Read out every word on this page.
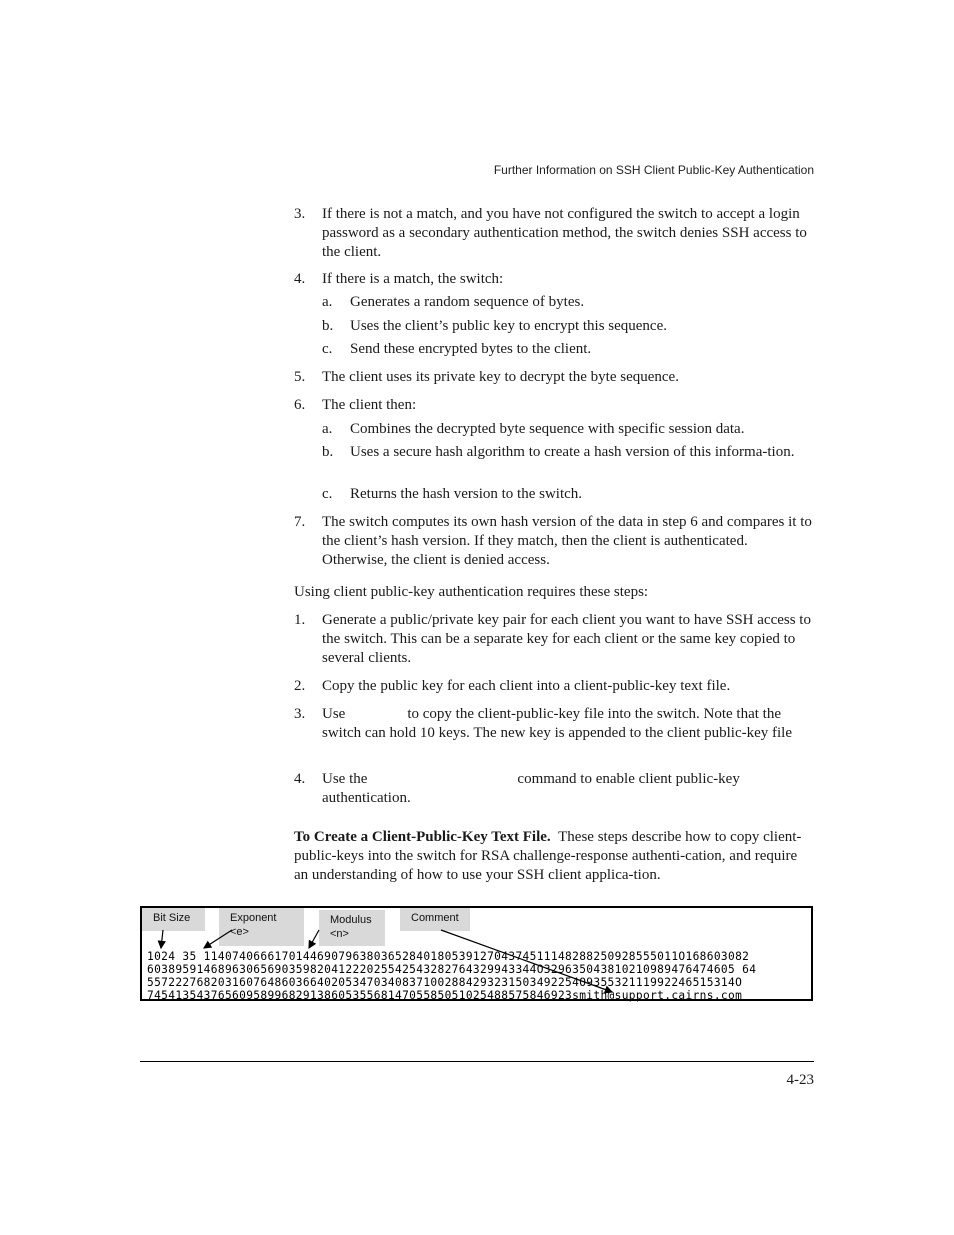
Further Information on SSH Client Public-Key Authentication
3. If there is not a match, and you have not configured the switch to accept a login password as a secondary authentication method, the switch denies SSH access to the client.
4. If there is a match, the switch:
a. Generates a random sequence of bytes.
b. Uses the client’s public key to encrypt this sequence.
c. Send these encrypted bytes to the client.
5. The client uses its private key to decrypt the byte sequence.
6. The client then:
a. Combines the decrypted byte sequence with specific session data.
b. Uses a secure hash algorithm to create a hash version of this informa-tion.
c. Returns the hash version to the switch.
7. The switch computes its own hash version of the data in step 6 and compares it to the client’s hash version. If they match, then the client is authenticated. Otherwise, the client is denied access.
Using client public-key authentication requires these steps:
1. Generate a public/private key pair for each client you want to have SSH access to the switch. This can be a separate key for each client or the same key copied to several clients.
2. Copy the public key for each client into a client-public-key text file.
3. Use	to copy the client-public-key file into the switch. Note that the switch can hold 10 keys. The new key is appended to the client public-key file
4. Use the	command to enable client public-key authentication.
To Create a Client-Public-Key Text File. These steps describe how to copy client-public-keys into the switch for RSA challenge-response authenti-cation, and require an understanding of how to use your SSH client applica-tion.
Bit Size	Exponent
<e>
Modulus
<n>
Comment
1024 35 1140740666170144690796380365284018053912704374511148288250928555011O168603082
6038959146896306569035982041222025542543282764329943344O329635043810210989476474605 64
5572227682031607648603664020534703408371002884293231503492254O935532111992246515314O
745413543765609589968291386053556814705585051025488575846923smith@support.cairns.com
4-23
